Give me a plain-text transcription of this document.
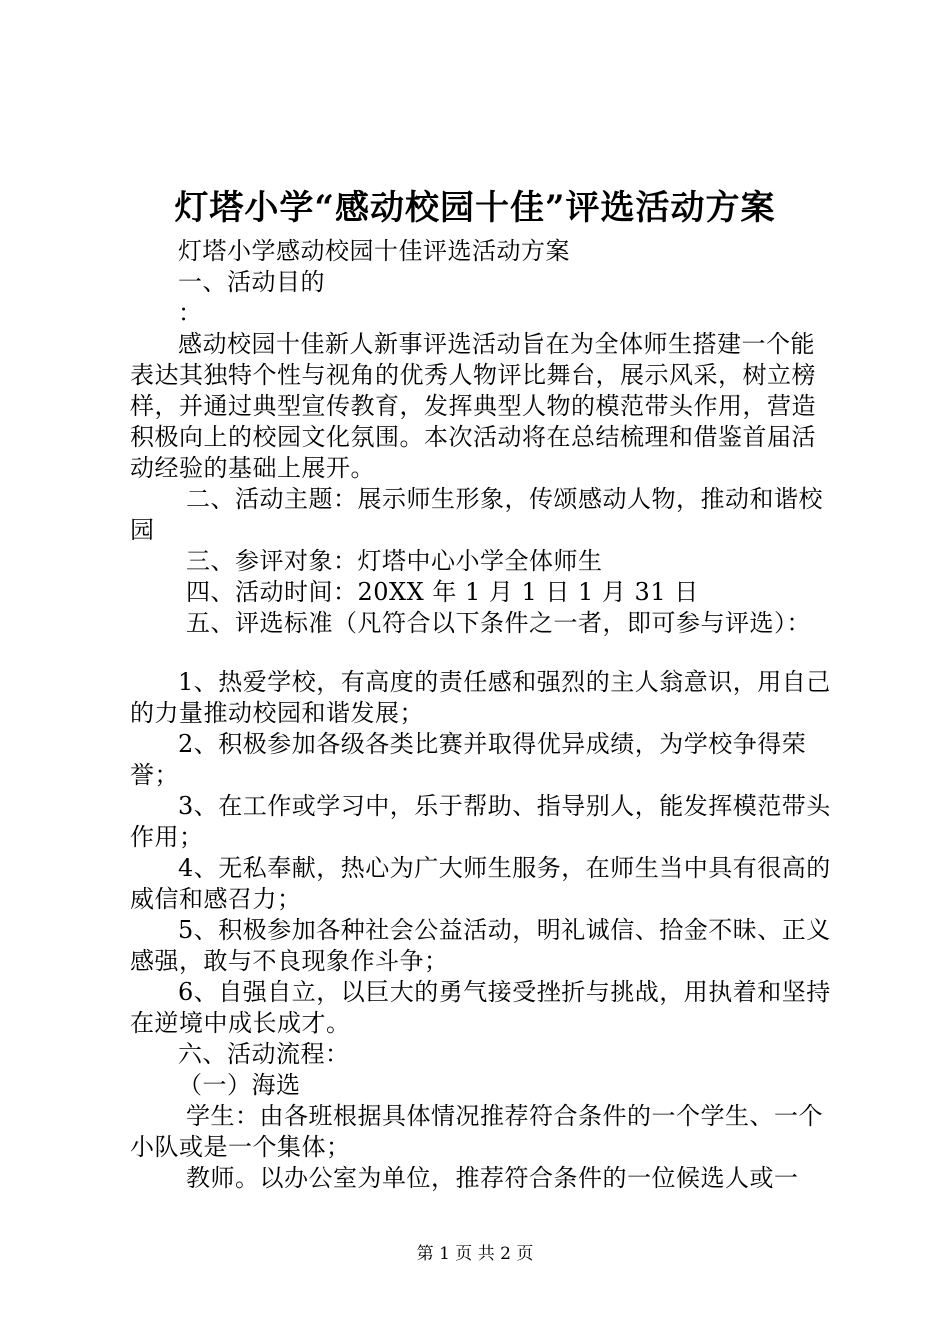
灯塔小学“感动校园十佳”评选活动方案

灯塔小学感动校园十佳评选活动方案

一、活动目的

：

感动校园十佳新人新事评选活动旨在为全体师生搭建一个能表达其独特个性与视角的优秀人物评比舞台，展示风采，树立榜样，并通过典型宣传教育，发挥典型人物的模范带头作用，营造积极向上的校园文化氛围。本次活动将在总结梳理和借鉴首届活动经验的基础上展开。

二、活动主题：展示师生形象，传颂感动人物，推动和谐校园

三、参评对象：灯塔中心小学全体师生

四、活动时间：20XX 年 1 月 1 日 1 月 31 日

五、评选标准（凡符合以下条件之一者，即可参与评选）：

1、热爱学校，有高度的责任感和强烈的主人翁意识，用自己的力量推动校园和谐发展；

2、积极参加各级各类比赛并取得优异成绩，为学校争得荣誉；

3、在工作或学习中，乐于帮助、指导别人，能发挥模范带头作用；

4、无私奉献，热心为广大师生服务，在师生当中具有很高的威信和感召力；

5、积极参加各种社会公益活动，明礼诚信、拾金不昧、正义感强，敢与不良现象作斗争；

6、自强自立，以巨大的勇气接受挫折与挑战，用执着和坚持在逆境中成长成才。

六、活动流程：

（一）海选

学生：由各班根据具体情况推荐符合条件的一个学生、一个小队或是一个集体；

教师。以办公室为单位，推荐符合条件的一位候选人或一

第 1 页 共 2 页
